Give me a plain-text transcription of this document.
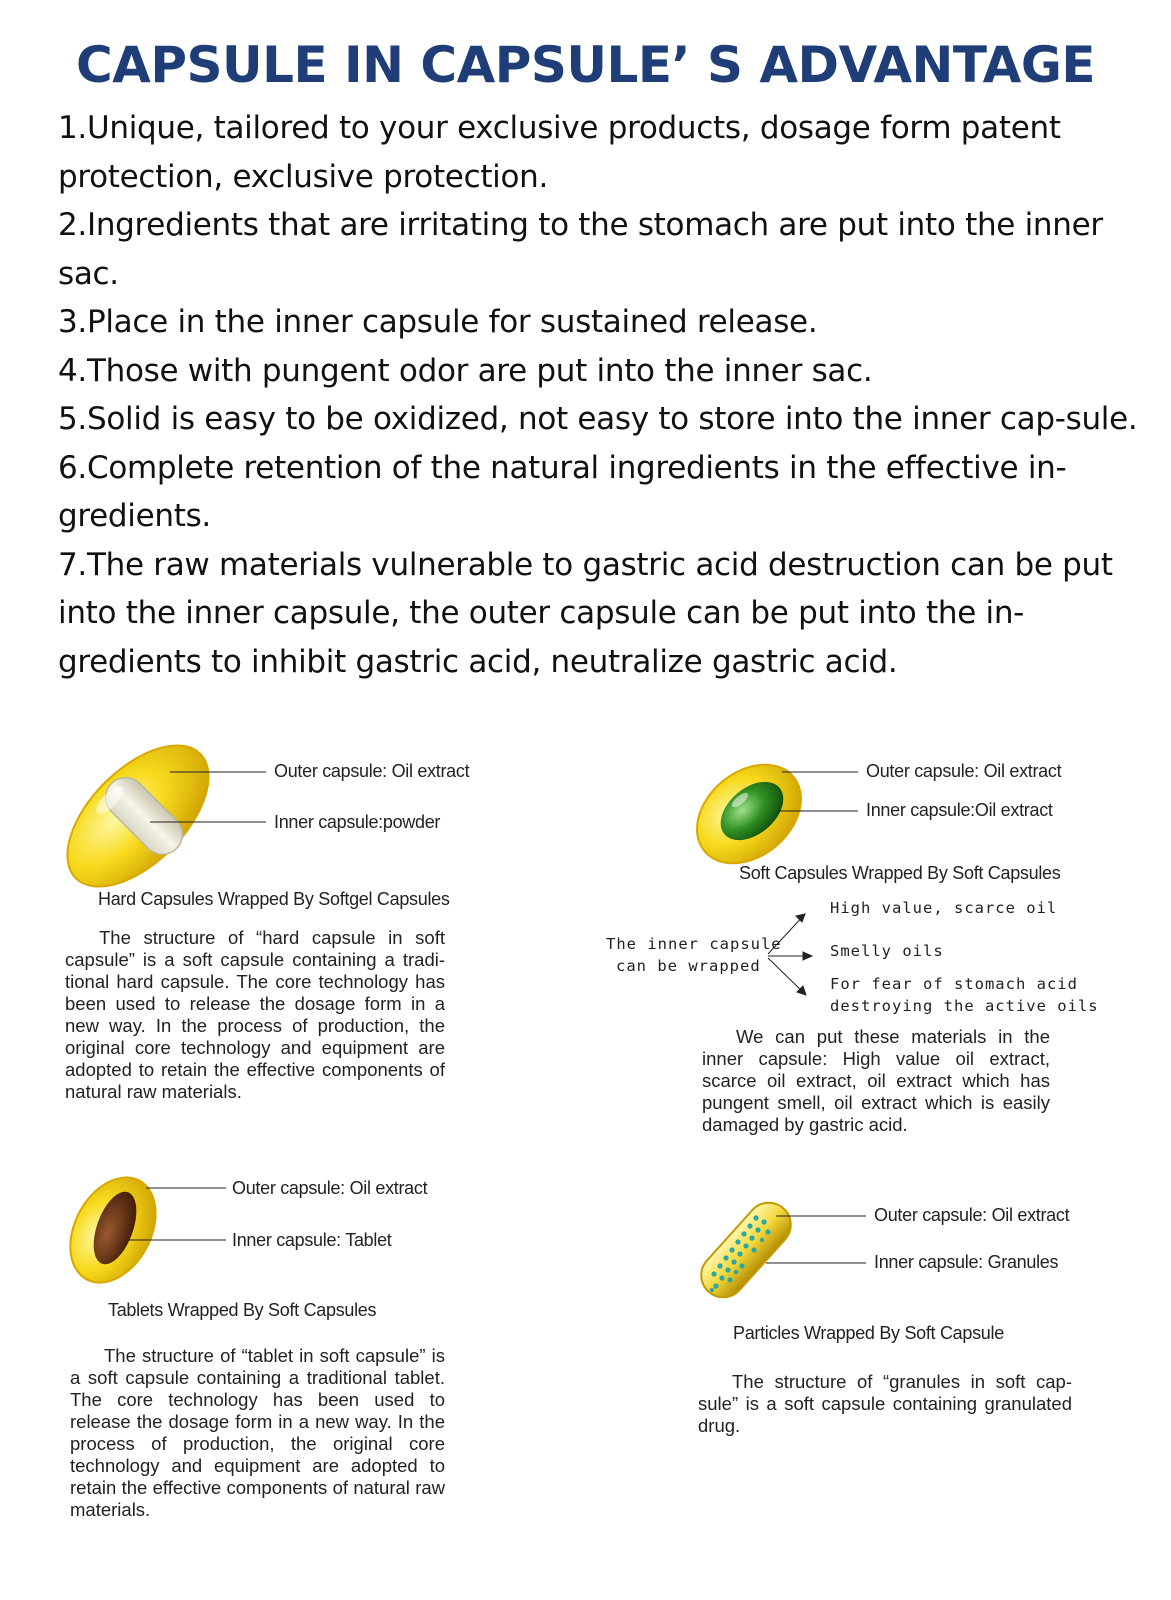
CAPSULE IN CAPSULE’ S ADVANTAGE

1.Unique, tailored to your exclusive products, dosage form patent protection, exclusive protection.

2.Ingredients that are irritating to the stomach are put into the inner sac.

3.Place in the inner capsule for sustained release.

4.Those with pungent odor are put into the inner sac.

5.Solid is easy to be oxidized, not easy to store into the inner cap-sule.

6.Complete retention of the natural ingredients in the effective in-gredients.

7.The raw materials vulnerable to gastric acid destruction can be put into the inner capsule, the outer capsule can be put into the in-gredients to inhibit gastric acid, neutralize gastric acid.

Outer capsule: Oil extract
Inner capsule:powder
Hard Capsules Wrapped By Softgel Capsules
The structure of “hard capsule in soft capsule” is a soft capsule containing a tradi-tional hard capsule. The core technology has been used to release the dosage form in a new way. In the process of production, the original core technology and equipment are adopted to retain the effective components of natural raw materials.
Outer capsule: Oil extract
Inner capsule:Oil extract
Soft Capsules Wrapped By Soft Capsules
The inner capsule
can be wrapped
High value, scarce oil
Smelly oils
For fear of stomach acid
destroying the active oils
We can put these materials in the inner capsule: High value oil extract, scarce oil extract, oil extract which has pungent smell, oil extract which is easily damaged by gastric acid.
Outer capsule: Oil extract
Inner capsule: Tablet
Tablets Wrapped By Soft Capsules
The structure of “tablet in soft capsule” is a soft capsule containing a traditional tablet. The core technology has been used to release the dosage form in a new way. In the process of production, the original core technology and equipment are adopted to retain the effective components of natural raw materials.
Outer capsule: Oil extract
Inner capsule: Granules
Particles Wrapped By Soft Capsule
The structure of “granules in soft cap-sule” is a soft capsule containing granulated drug.
